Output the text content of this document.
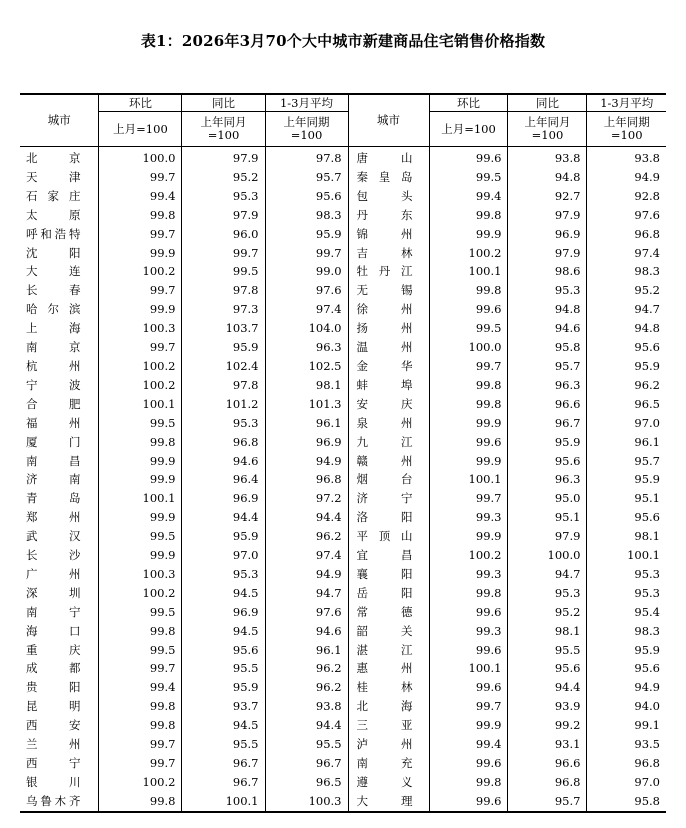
表1：2026年3月70个大中城市新建商品住宅销售价格指数
城市	环比	同比	1-3月平均	城市	环比	同比	1-3月平均
	上月=100	上年同月
=100	上年同期
=100		上月=100	上年同月
=100	上年同期
=100
北京	100.0	97.9	97.8	唐山	99.6	93.8	93.8
天津	99.7	95.2	95.7	秦皇岛	99.5	94.8	94.9
石家庄	99.4	95.3	95.6	包头	99.4	92.7	92.8
太原	99.8	97.9	98.3	丹东	99.8	97.9	97.6
呼和浩特	99.7	96.0	95.9	锦州	99.9	96.9	96.8
沈阳	99.9	99.7	99.7	吉林	100.2	97.9	97.4
大连	100.2	99.5	99.0	牡丹江	100.1	98.6	98.3
长春	99.7	97.8	97.6	无锡	99.8	95.3	95.2
哈尔滨	99.9	97.3	97.4	徐州	99.6	94.8	94.7
上海	100.3	103.7	104.0	扬州	99.5	94.6	94.8
南京	99.7	95.9	96.3	温州	100.0	95.8	95.6
杭州	100.2	102.4	102.5	金华	99.7	95.7	95.9
宁波	100.2	97.8	98.1	蚌埠	99.8	96.3	96.2
合肥	100.1	101.2	101.3	安庆	99.8	96.6	96.5
福州	99.5	95.3	96.1	泉州	99.9	96.7	97.0
厦门	99.8	96.8	96.9	九江	99.6	95.9	96.1
南昌	99.9	94.6	94.9	赣州	99.9	95.6	95.7
济南	99.9	96.4	96.8	烟台	100.1	96.3	95.9
青岛	100.1	96.9	97.2	济宁	99.7	95.0	95.1
郑州	99.9	94.4	94.4	洛阳	99.3	95.1	95.6
武汉	99.5	95.9	96.2	平顶山	99.9	97.9	98.1
长沙	99.9	97.0	97.4	宜昌	100.2	100.0	100.1
广州	100.3	95.3	94.9	襄阳	99.3	94.7	95.3
深圳	100.2	94.5	94.7	岳阳	99.8	95.3	95.3
南宁	99.5	96.9	97.6	常德	99.6	95.2	95.4
海口	99.8	94.5	94.6	韶关	99.3	98.1	98.3
重庆	99.5	95.6	96.1	湛江	99.6	95.5	95.9
成都	99.7	95.5	96.2	惠州	100.1	95.6	95.6
贵阳	99.4	95.9	96.2	桂林	99.6	94.4	94.9
昆明	99.8	93.7	93.8	北海	99.7	93.9	94.0
西安	99.8	94.5	94.4	三亚	99.9	99.2	99.1
兰州	99.7	95.5	95.5	泸州	99.4	93.1	93.5
西宁	99.7	96.7	96.7	南充	99.6	96.6	96.8
银川	100.2	96.7	96.5	遵义	99.8	96.8	97.0
乌鲁木齐	99.8	100.1	100.3	大理	99.6	95.7	95.8
